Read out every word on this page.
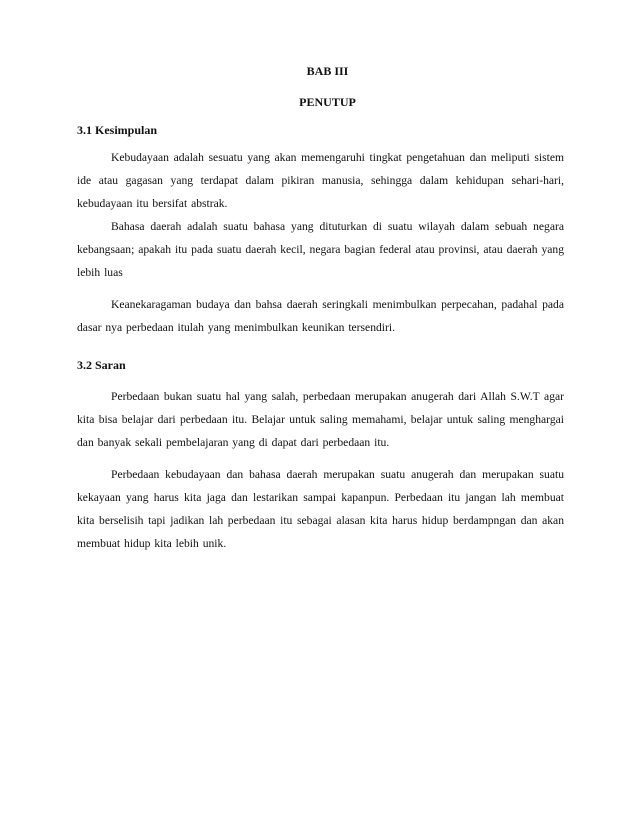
BAB III
PENUTUP
3.1 Kesimpulan

Kebudayaan adalah sesuatu yang akan memengaruhi tingkat pengetahuan dan meliputi sistem ide atau gagasan yang terdapat dalam pikiran manusia, sehingga dalam kehidupan sehari-hari, kebudayaan itu bersifat abstrak.

Bahasa daerah adalah suatu bahasa yang dituturkan di suatu wilayah dalam sebuah negara kebangsaan; apakah itu pada suatu daerah kecil, negara bagian federal atau provinsi, atau daerah yang lebih luas

Keanekaragaman budaya dan bahsa daerah seringkali menimbulkan perpecahan, padahal pada dasar nya perbedaan itulah yang menimbulkan keunikan tersendiri.

3.2 Saran

Perbedaan bukan suatu hal yang salah, perbedaan merupakan anugerah dari Allah S.W.T agar kita bisa belajar dari perbedaan itu. Belajar untuk saling memahami, belajar untuk saling menghargai dan banyak sekali pembelajaran yang di dapat dari perbedaan itu.

Perbedaan kebudayaan dan bahasa daerah merupakan suatu anugerah dan merupakan suatu kekayaan yang harus kita jaga dan lestarikan sampai kapanpun. Perbedaan itu jangan lah membuat kita berselisih tapi jadikan lah perbedaan itu sebagai alasan kita harus hidup berdampngan dan akan membuat hidup kita lebih unik.
